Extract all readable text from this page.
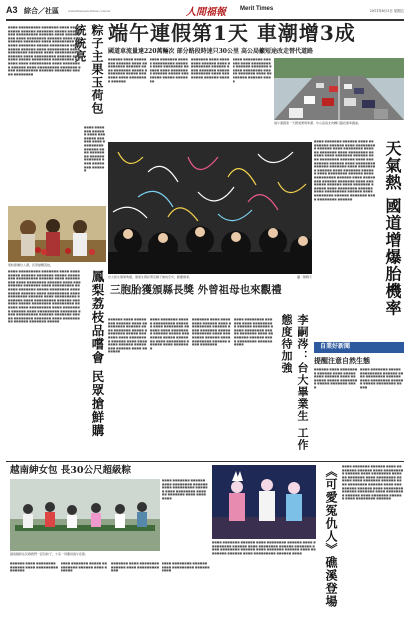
A3 綜合／社區	www.lifenews-times.com.tw	人間福報 Merit Times	2011年6月3日 星期五
端午連假第1天 車潮增3成
國道車流量達220萬輛次 部分路段時速只30公里 高公局籲短途改走替代道路
粽子主果玉荷包 統統亮
■■■■ ■■■■■■■■■ ■■■■■■■ ■■■■ ■■■■■■■■■ ■■■■■■ ■■■■■■■ ■■■■■ ■■■■■■■■ ■■■■■■■■■ ■■■■■■ ■■■■ ■■■■■■■■■ ■■■■ ■■■■■■■■ ■■■■■■ ■■■■ ■■■■■■■■■ ■■■■■■■ ■■■■ ■■■■■■■■■ ■■■■■■ ■■■■■■■ ■■■■■ ■■■■■■■■ ■■■■■■■■■ ■■■■■■ ■■■■ ■■■■■■■■■ ■■■■ ■■■■■■■■ ■■■■■■ ■■■■ ■■■■■■■■■ ■■■■■■■ ■■■■ ■■■■■■■■■ ■■■■■■ ■■■■■■■ ■■■■■ ■■■■■■■■ ■■■■■■■■■ ■■■■■■ ■■■■ ■■■■■■■■■ ■■■■ ■■■■■■■■ ■■■■■■ ■■■■ ■■■■■■■■■ ■■■■■■■ ■■■■ ■■■■■■■■■ ■■■■■■ ■■■■■■■ ■■■■■ ■■■■■■■■
■■■■ ■■■■■■■ ■■■■■■ ■■■■ ■■■■■■■■ ■■■■■■ ■■■■ ■■■■■■■■■ ■■■■■■ ■■■■ ■■■■■■■■ ■■■■■■ ■■■■■■■ ■■■■ ■■■■■■■■ ■■■■■■
果粽節攤位人潮，民眾搶購荔枝。
鳳梨荔枝品嚐會 民眾搶鮮購
■■■■ ■■■■■■■■■ ■■■■■■■ ■■■■ ■■■■■■■■■ ■■■■■■ ■■■■■■■ ■■■■■ ■■■■■■■■ ■■■■■■■■■ ■■■■■■ ■■■■ ■■■■■■■■■ ■■■■ ■■■■■■■■ ■■■■■■ ■■■■ ■■■■■■■■■ ■■■■■■■ ■■■■ ■■■■■■■■■ ■■■■■■ ■■■■■■■ ■■■■■ ■■■■■■■■ ■■■■■■■■■ ■■■■■■ ■■■■ ■■■■■■■■■ ■■■■ ■■■■■■■■ ■■■■■■ ■■■■ ■■■■■■■■■ ■■■■■■■ ■■■■ ■■■■■■■■■ ■■■■■■ ■■■■■■■ ■■■■■ ■■■■■■■■ ■■■■■■■■■ ■■■■■■ ■■■■ ■■■■■■■■■ ■■■■ ■■■■■■■■ ■■■■■■ ■■■■ ■■■■■■■■■ ■■■■■■■ ■■■■ ■■■■■■■■■ ■■■■■■ ■■■■■■■ ■■■■■ ■■■■■■■■ ■■■■■■■ ■■■■ ■■■■■■■■■ ■■■■■■ ■■■■■■■ ■■■■■
■■■■■■ ■■■■ ■■■■■■■■ ■■■■■■ ■■■■ ■■■■■■■■■ ■■■■■■ ■■■■ ■■■■■■■ ■■■■■ ■■■■■■■■ ■■■■■ ■■■■■■■ ■■■■ ■■■■■■■■ ■■■■■■
■■■■ ■■■■■■■ ■■■■■ ■■■■■■■■■ ■■■■■■ ■■■■ ■■■■■■■■ ■■■■■■ ■■■■ ■■■■■■■■ ■■■■■■ ■■■■■ ■■■■■■■■ ■■■■■ ■■■■■■■
■■■■■■■ ■■■■ ■■■■■■■■ ■■■■■■ ■■■■ ■■■■■■■■■ ■■■■■■ ■■■■ ■■■■■■■ ■■■■■ ■■■■■■■■ ■■■■ ■■■■■■■■ ■■■■■■ ■■■■
■■■■ ■■■■■■■■ ■■■■■■ ■■■■ ■■■■■■■■■ ■■■■■■ ■■■■■■■ ■■■■■ ■■■■■■■■ ■■■■■ ■■■■■■■ ■■■■ ■■■■■■■■ ■■■■■■ ■■■■
端午連假第一天國道湧現車潮，中山高南北向轉口路段塞車嚴重。
台大新生畢業典禮，畢業生將彩帶及帽子拋向空中，歡慶畢業。	攝／陳曉天	天氣熱 國道增爆胎機率
■■■■ ■■■■■■■ ■■■■■■ ■■■■ ■■■■■■■■ ■■■■■■ ■■■■ ■■■■■■■■■ ■■■■■■ ■■■■ ■■■■■■■■ ■■■■■■ ■■■■■■■ ■■■■ ■■■■■■■■ ■■■■■■ ■■■■ ■■■■■■■ ■■■■■■ ■■■■ ■■■■■■■■ ■■■■■■ ■■■■ ■■■■■■■■■ ■■■■■■ ■■■■ ■■■■■■■■ ■■■■■■ ■■■■■■■ ■■■■ ■■■■■■■■ ■■■■■■ ■■■■ ■■■■■■■ ■■■■■■ ■■■■ ■■■■■■■■ ■■■■■■ ■■■■ ■■■■■■■■■ ■■■■■■ ■■■■ ■■■■■■■■ ■■■■■■ ■■■■■■■ ■■■■ ■■■■■■■■ ■■■■■■ ■■■■ ■■■■■■■ ■■■■■■ ■■■■ ■■■■■■■■ ■■■■■■ ■■■■ ■■■■■■■■■ ■■■■■■ ■■■■ ■■■■■■■■ ■■■■■■ ■■■■■■■ ■■■■ ■■■■■■■■ ■■■■■■
三胞胎獲頒縣長獎 外曾祖母也來觀禮
■■■■■■ ■■■■ ■■■■■■■■ ■■■■■■ ■■■■ ■■■■■■■■■ ■■■■■■ ■■■■ ■■■■■■■ ■■■■■ ■■■■■■■■ ■■■■■ ■■■■■■■ ■■■■ ■■■■■■■■ ■■■■■■ ■■■■ ■■■■■■■■ ■■■■■■ ■■■■■■■■ ■■■■■■ ■■■■ ■■■■■■■
■■■■ ■■■■■■■ ■■■■■ ■■■■■■■■■ ■■■■■■ ■■■■ ■■■■■■■■ ■■■■■■ ■■■■ ■■■■■■■■ ■■■■■■ ■■■■■ ■■■■■■■■ ■■■■■ ■■■■■■■ ■■■■ ■■■■■■■■ ■■■■■■ ■■■■ ■■■■■■■
■■■■■■■ ■■■■ ■■■■■■■■ ■■■■■■ ■■■■ ■■■■■■■■■ ■■■■■■ ■■■■ ■■■■■■■ ■■■■■ ■■■■■■■■ ■■■■ ■■■■■■■■ ■■■■■■ ■■■■ ■■■■■■■■ ■■■■■■ ■■■■ ■■■■■■■
■■■■ ■■■■■■■■ ■■■■■■ ■■■■ ■■■■■■■■■ ■■■■■■ ■■■■■■■ ■■■■■ ■■■■■■■■ ■■■■■ ■■■■■■■ ■■■■ ■■■■■■■■ ■■■■■■ ■■■■ ■■■■■■■■ ■■■■■■ ■■■■	李嗣涔：台大畢業生 工作態度待加強	自業好新聞
提醒注意自然生態
■■■■■■ ■■■■ ■■■■■■■■ ■■■■■■ ■■■■ ■■■■■■■■■ ■■■■■■ ■■■■ ■■■■■■■ ■■■■■ ■■■■■■■■ ■■■■■ ■■■■■■■ ■■■■
■■■■ ■■■■■■■ ■■■■■ ■■■■■■■■■ ■■■■■■ ■■■■ ■■■■■■■■ ■■■■■■ ■■■■ ■■■■■■■■ ■■■■■■ ■■■■■ ■■■■■■■■ ■■■■■
越南紳女包 長30公尺超級粽
越南籍新住民媽媽們一起包粽子，大家一同慶祝端午佳節。
■■■■■■ ■■■■ ■■■■■■■■ ■■■■■■ ■■■■ ■■■■■■■■■ ■■■■■■
■■■■ ■■■■■■■ ■■■■■ ■■■■■■■■■ ■■■■■■ ■■■■ ■■■■■■
■■■■■■■ ■■■■ ■■■■■■■■ ■■■■■■ ■■■■ ■■■■■■■■■ ■■■
■■■■ ■■■■■■■■ ■■■■■■ ■■■■ ■■■■■■■■■ ■■■■■■ ■■■■
■■■■ ■■■■■■■ ■■■■■■ ■■■■ ■■■■■■■■ ■■■■■■ ■■■■ ■■■■■■■■■ ■■■■■■ ■■■■ ■■■■■■■■ ■■■■■■ ■■■■■■■ ■■■■ ■■■■■■■■
■■■■ ■■■■■■■ ■■■■■■ ■■■■ ■■■■■■■■ ■■■■■■ ■■■■ ■■■■■■■■■ ■■■■■■ ■■■■ ■■■■■■■■ ■■■■■■ ■■■■■■■ ■■■■ ■■■■■■■■ ■■■■■■ ■■■■ ■■■■■■■ ■■■■■■ ■■■■ ■■■■■■■■ ■■■■■■ ■■■■ ■■■■■■■■■ ■■■■■■ ■■■■	《可愛冤仇人》礁溪登場	■■■■ ■■■■■■■ ■■■■■■ ■■■■ ■■■■■■■■ ■■■■■■ ■■■■ ■■■■■■■■■ ■■■■■■ ■■■■ ■■■■■■■■ ■■■■■■ ■■■■■■■ ■■■■ ■■■■■■■■ ■■■■■■ ■■■■ ■■■■■■■ ■■■■■■ ■■■■ ■■■■■■■■ ■■■■■■ ■■■■ ■■■■■■■■■ ■■■■■■ ■■■■ ■■■■■■■■ ■■■■■■ ■■■■■■■ ■■■■ ■■■■■■■■ ■■■■■■ ■■■■ ■■■■■■■ ■■■■■■ ■■■■ ■■■■■■■■ ■■■■■■
